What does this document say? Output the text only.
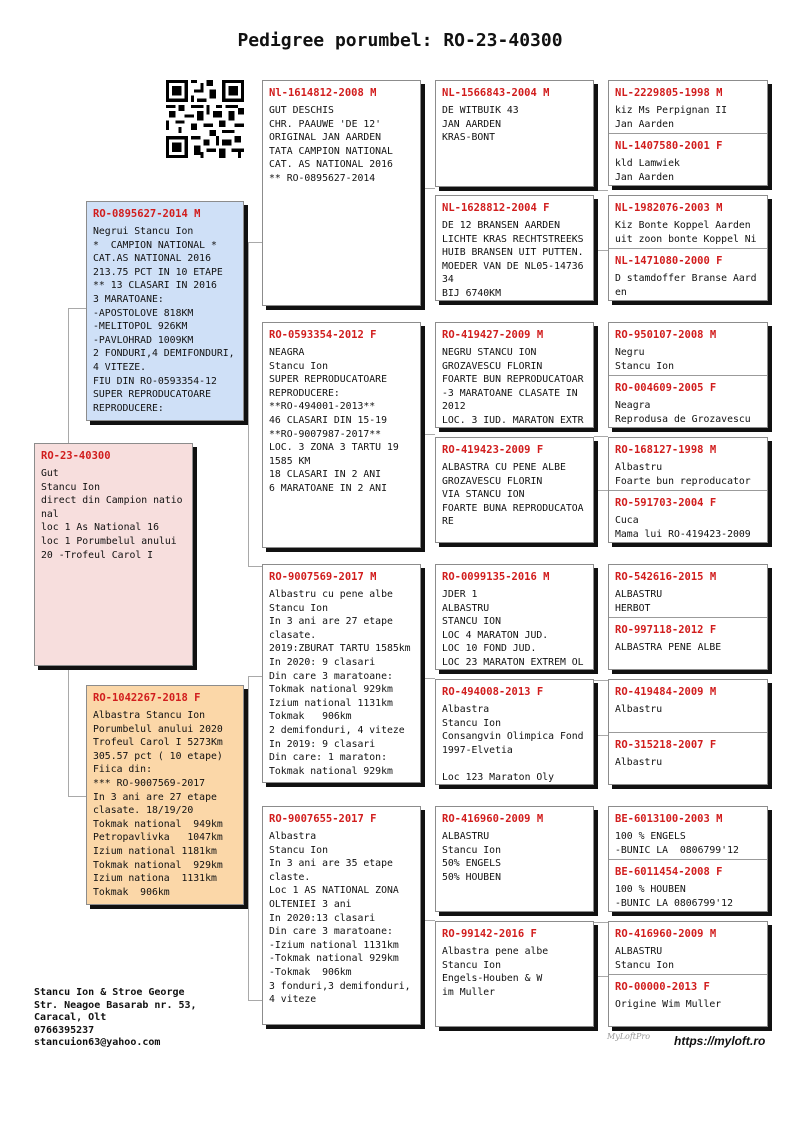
Pedigree porumbel: RO-23-40300
RO-23-40300
Gut
Stancu Ion
direct din Campion natio
nal
loc 1 As National 16
loc 1 Porumbelul anului
20 -Trofeul Carol I
RO-0895627-2014 M
Negrui Stancu Ion
*  CAMPION NATIONAL *
CAT.AS NATIONAL 2016
213.75 PCT IN 10 ETAPE
** 13 CLASARI IN 2016
3 MARATOANE:
-APOSTOLOVE 818KM
-MELITOPOL 926KM
-PAVLOHRAD 1009KM
2 FONDURI,4 DEMIFONDURI,
4 VITEZE.
FIU DIN RO-0593354-12
SUPER REPRODUCATOARE
REPRODUCERE:
RO-1042267-2018 F
Albastra Stancu Ion
Porumbelul anului 2020
Trofeul Carol I 5273Km
305.57 pct ( 10 etape)
Fiica din:
*** RO-9007569-2017
In 3 ani are 27 etape
clasate. 18/19/20
Tokmak national  949km
Petropavlivka   1047km
Izium national 1181km
Tokmak national  929km
Izium nationa  1131km
Tokmak  906km
Nl-1614812-2008 M
GUT DESCHIS
CHR. PAAUWE 'DE 12'
ORIGINAL JAN AARDEN
TATA CAMPION NATIONAL
CAT. AS NATIONAL 2016
** RO-0895627-2014
RO-0593354-2012 F
NEAGRA
Stancu Ion
SUPER REPRODUCATOARE
REPRODUCERE:
**RO-494001-2013**
46 CLASARI DIN 15-19
**RO-9007987-2017**
LOC. 3 ZONA 3 TARTU 19
1585 KM
18 CLASARI IN 2 ANI
6 MARATOANE IN 2 ANI
RO-9007569-2017 M
Albastru cu pene albe
Stancu Ion
In 3 ani are 27 etape
clasate.
2019:ZBURAT TARTU 1585km
In 2020: 9 clasari
Din care 3 maratoane:
Tokmak national 929km
Izium national 1131km
Tokmak   906km
2 demifonduri, 4 viteze
In 2019: 9 clasari
Din care: 1 maraton:
Tokmak national 929km
RO-9007655-2017 F
Albastra
Stancu Ion
In 3 ani are 35 etape
claste.
Loc 1 AS NATIONAL ZONA
OLTENIEI 3 ani
In 2020:13 clasari
Din care 3 maratoane:
-Izium national 1131km
-Tokmak national 929km
-Tokmak  906km
3 fonduri,3 demifonduri,
4 viteze
NL-1566843-2004 M
DE WITBUIK 43
JAN AARDEN
KRAS-BONT
NL-1628812-2004 F
DE 12 BRANSEN AARDEN
LICHTE KRAS RECHTSTREEKS
HUIB BRANSEN UIT PUTTEN.
MOEDER VAN DE NL05-14736
34
BIJ 6740KM
RO-419427-2009 M
NEGRU STANCU ION
GROZAVESCU FLORIN
FOARTE BUN REPRODUCATOAR
-3 MARATOANE CLASATE IN
2012
LOC. 3 IUD. MARATON EXTR
RO-419423-2009 F
ALBASTRA CU PENE ALBE
GROZAVESCU FLORIN
VIA STANCU ION
FOARTE BUNA REPRODUCATOA
RE
RO-0099135-2016 M
JDER 1
ALBASTRU
STANCU ION
LOC 4 MARATON JUD.
LOC 10 FOND JUD.
LOC 23 MARATON EXTREM OL
RO-494008-2013 F
Albastra
Stancu Ion
Consangvin Olimpica Fond
1997-Elvetia

Loc 123 Maraton Oly
RO-416960-2009 M
ALBASTRU
Stancu Ion
50% ENGELS
50% HOUBEN
RO-99142-2016 F
Albastra pene albe
Stancu Ion
Engels-Houben & W
im Muller
NL-2229805-1998 M
kiz Ms Perpignan II
Jan Aarden
NL-1407580-2001 F
kld Lamwiek
Jan Aarden
NL-1982076-2003 M
Kiz Bonte Koppel Aarden
uit zoon bonte Koppel Ni
NL-1471080-2000 F
D stamdoffer Branse Aard
en
RO-950107-2008 M
Negru
Stancu Ion
RO-004609-2005 F
Neagra
Reprodusa de Grozavescu
RO-168127-1998 M
Albastru
Foarte bun reproducator
RO-591703-2004 F
Cuca
Mama lui RO-419423-2009
RO-542616-2015 M
ALBASTRU
HERBOT
RO-997118-2012 F
ALBASTRA PENE ALBE
RO-419484-2009 M
Albastru
RO-315218-2007 F
Albastru
BE-6013100-2003 M
100 % ENGELS
-BUNIC LA  0806799'12
BE-6011454-2008 F
100 % HOUBEN
-BUNIC LA 0806799'12
RO-416960-2009 M
ALBASTRU
Stancu Ion
RO-00000-2013 F
Origine Wim Muller
Stancu Ion & Stroe George
Str. Neagoe Basarab nr. 53,
Caracal, Olt
0766395237
stancuion63@yahoo.com
MyLoftPro https://myloft.ro
